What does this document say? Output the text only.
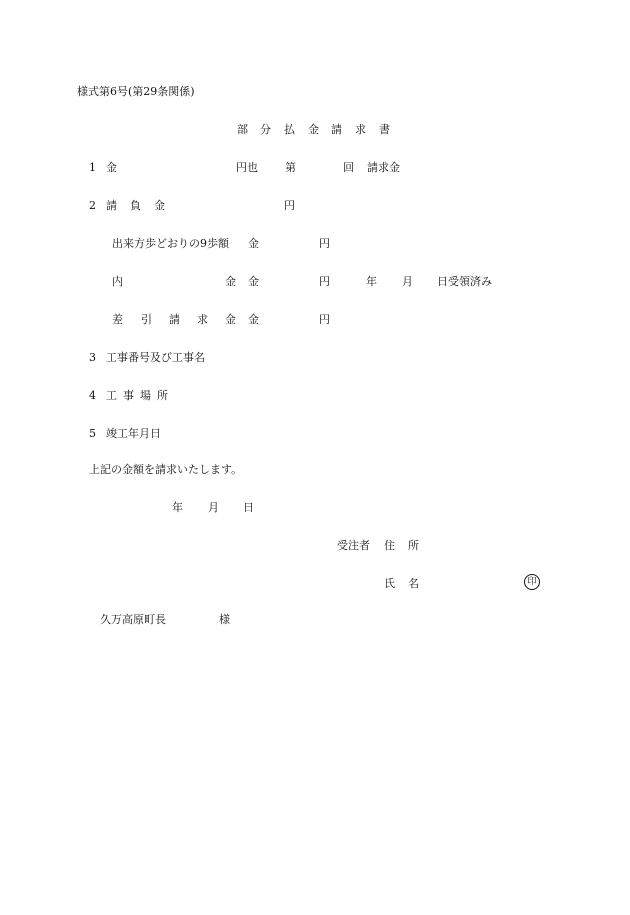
様式第6号(第29条関係)
部 分 払 金 請 求 書
1 金	円也 第	回 請求金
2 請 負 金	円
出来方歩どおりの9歩額 金	円
内	金 金	円	年 月 日受領済み
差 引 請 求 金 金	円
3 工事番号及び工事名
4 工 事 場 所
5 竣工年月日
上記の金額を請求いたします。
年 月 日
受注者 住 所
氏 名	印
久万高原町長	様
